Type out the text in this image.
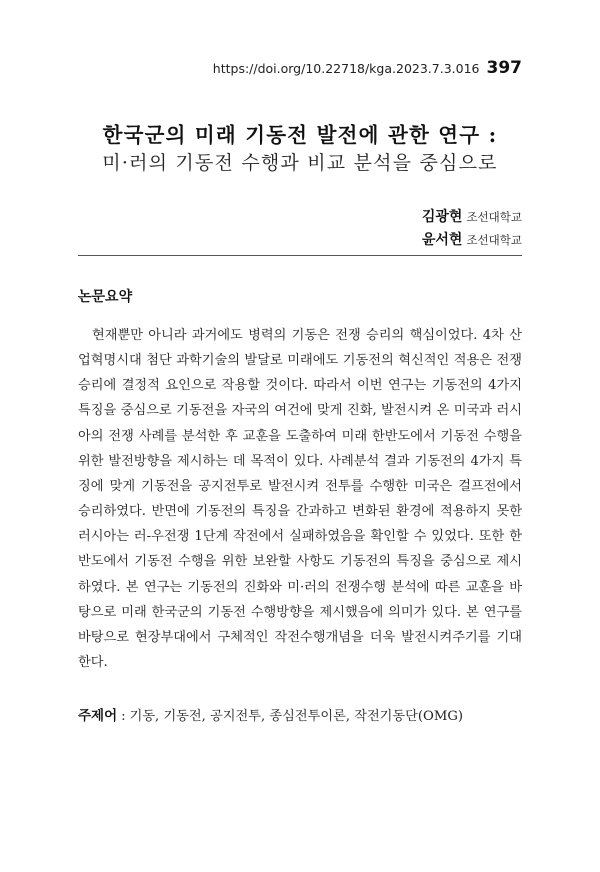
https://doi.org/10.22718/kga.2023.7.3.016 397
한국군의 미래 기동전 발전에 관한 연구 :
미·러의 기동전 수행과 비교 분석을 중심으로
김광현 조선대학교
윤서현 조선대학교
논문요약

현재뿐만 아니라 과거에도 병력의 기동은 전쟁 승리의 핵심이었다. 4차 산업혁명시대 첨단 과학기술의 발달로 미래에도 기동전의 혁신적인 적용은 전쟁승리에 결정적 요인으로 작용할 것이다. 따라서 이번 연구는 기동전의 4가지 특징을 중심으로 기동전을 자국의 여건에 맞게 진화, 발전시켜 온 미국과 러시아의 전쟁 사례를 분석한 후 교훈을 도출하여 미래 한반도에서 기동전 수행을 위한 발전방향을 제시하는 데 목적이 있다. 사례분석 결과 기동전의 4가지 특징에 맞게 기동전을 공지전투로 발전시켜 전투를 수행한 미국은 걸프전에서 승리하였다. 반면에 기동전의 특징을 간과하고 변화된 환경에 적용하지 못한 러시아는 러-우전쟁 1단계 작전에서 실패하였음을 확인할 수 있었다. 또한 한반도에서 기동전 수행을 위한 보완할 사항도 기동전의 특징을 중심으로 제시하였다. 본 연구는 기동전의 진화와 미·러의 전쟁수행 분석에 따른 교훈을 바탕으로 미래 한국군의 기동전 수행방향을 제시했음에 의미가 있다. 본 연구를 바탕으로 현장부대에서 구체적인 작전수행개념을 더욱 발전시켜주기를 기대한다.

주제어 : 기동, 기동전, 공지전투, 종심전투이론, 작전기동단(OMG)
